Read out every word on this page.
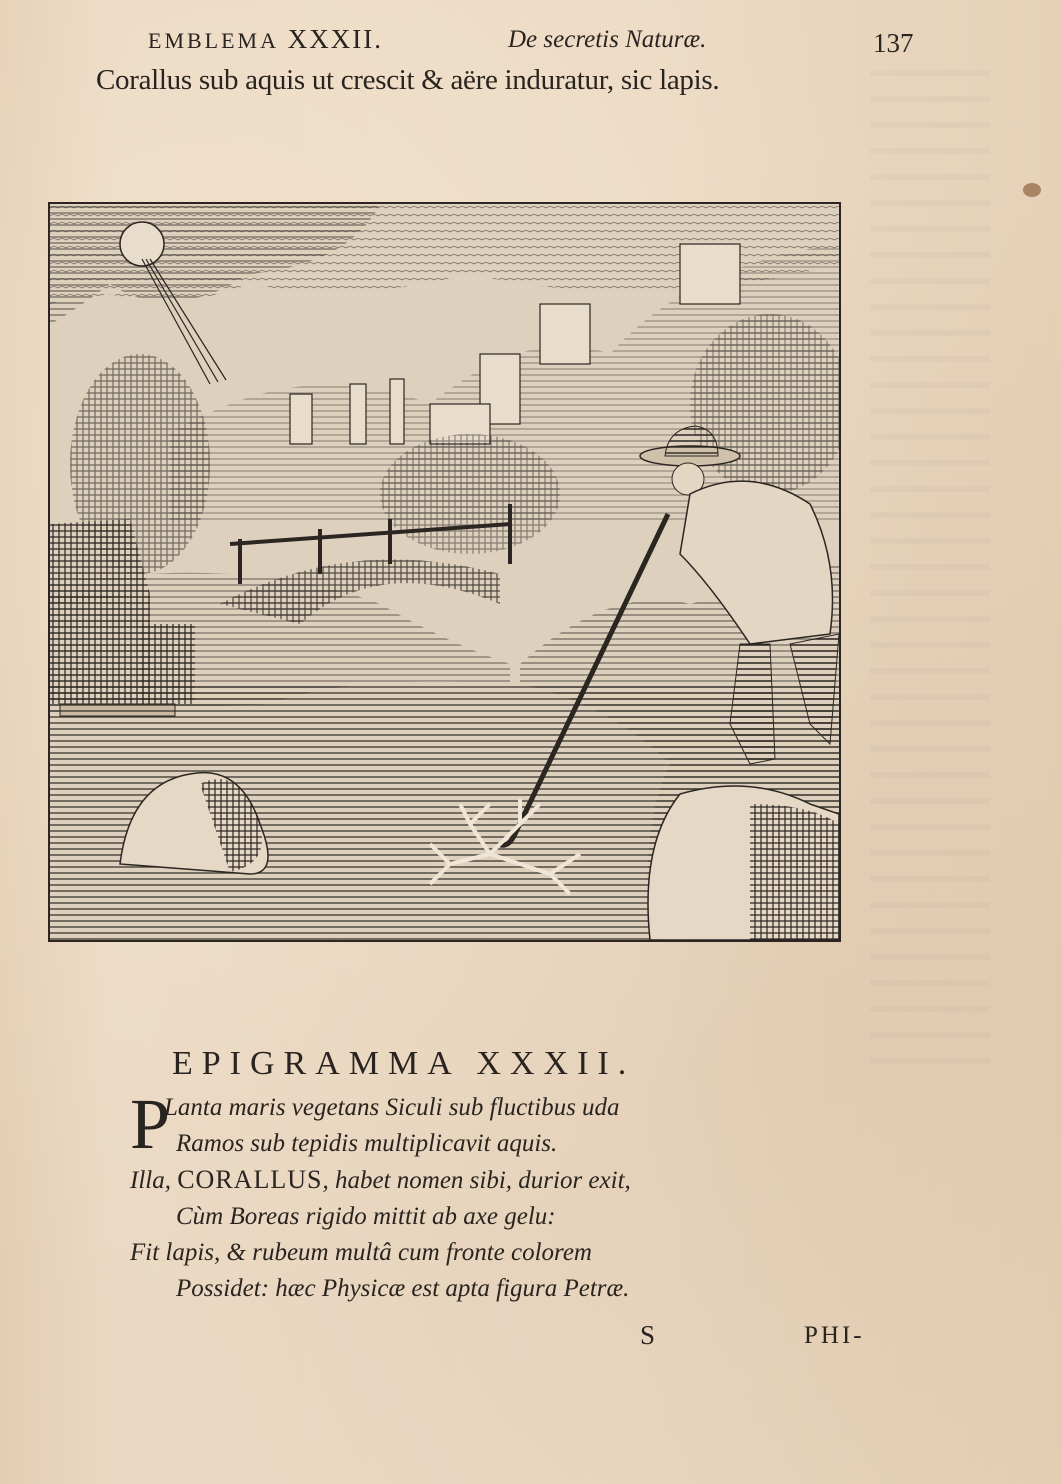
EMBLEMA XXXII.	De secretis Naturæ.	137
Corallus sub aquis ut crescit & aëre induratur, sic lapis.
EPIGRAMMA XXXII.
P
Lanta maris vegetans Siculi sub fluctibus uda
Ramos sub tepidis multiplicavit aquis.
Illa, CORALLUS, habet nomen sibi, durior exit,
Cùm Boreas rigido mittit ab axe gelu:
Fit lapis, & rubeum multâ cum fronte colorem
Possidet: hæc Physicæ est apta figura Petræ.
S	PHI-
